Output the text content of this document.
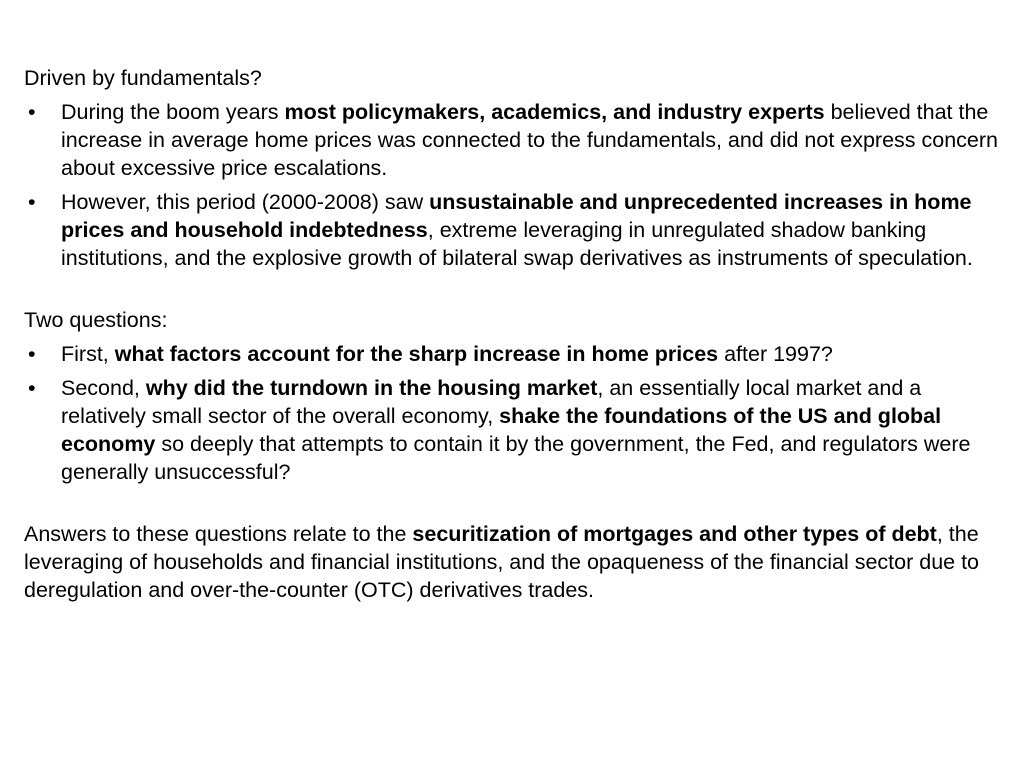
Driven by fundamentals?

• During the boom years most policymakers, academics, and industry experts believed that the increase in average home prices was connected to the fundamentals, and did not express concern about excessive price escalations.
• However, this period (2000-2008) saw unsustainable and unprecedented increases in home prices and household indebtedness, extreme leveraging in unregulated shadow banking institutions, and the explosive growth of bilateral swap derivatives as instruments of speculation.

Two questions:

• First, what factors account for the sharp increase in home prices after 1997?
• Second, why did the turndown in the housing market, an essentially local market and a relatively small sector of the overall economy, shake the foundations of the US and global economy so deeply that attempts to contain it by the government, the Fed, and regulators were generally unsuccessful?

Answers to these questions relate to the securitization of mortgages and other types of debt, the leveraging of households and financial institutions, and the opaqueness of the financial sector due to deregulation and over-the-counter (OTC) derivatives trades.
